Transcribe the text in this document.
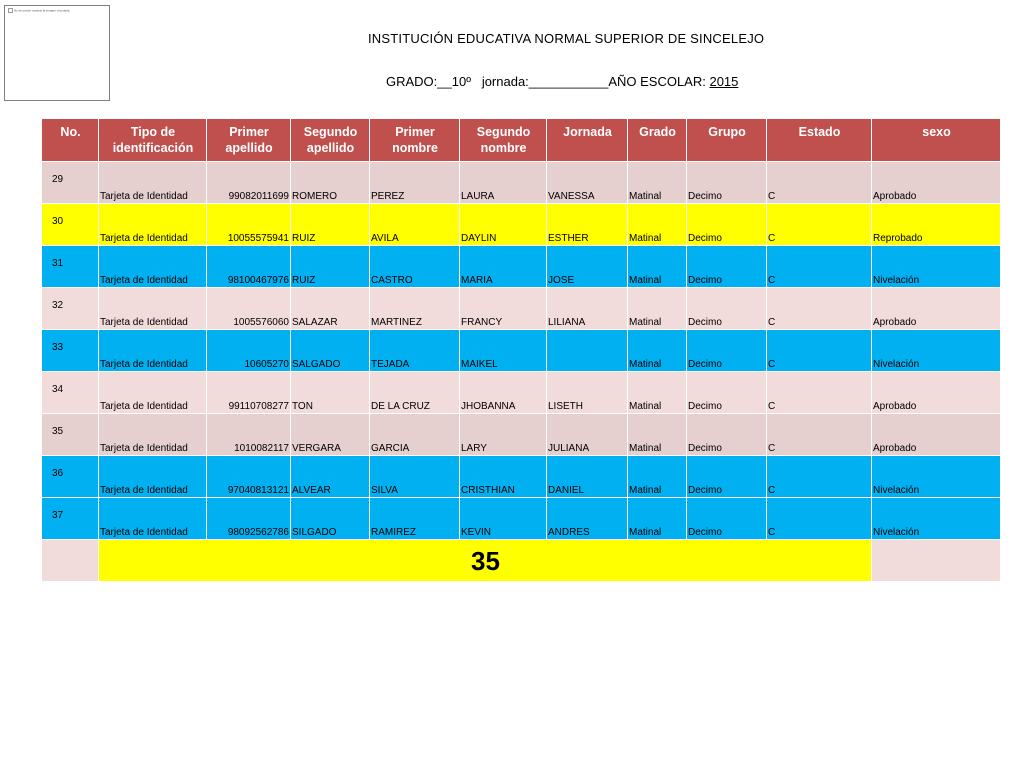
No se puede mostrar la imagen vinculada.
INSTITUCIÓN EDUCATIVA NORMAL SUPERIOR DE SINCELEJO
GRADO:__10º jornada:___________AÑO ESCOLAR: 2015
No.	Tipo de identificación	Primer apellido	Segundo apellido	Primer nombre	Segundo nombre	Jornada	Grado	Grupo	Estado	sexo
29	Tarjeta de Identidad	99082011699	ROMERO	PEREZ	LAURA	VANESSA	Matinal	Decimo	C	Aprobado
30	Tarjeta de Identidad	10055575941	RUIZ	AVILA	DAYLIN	ESTHER	Matinal	Decimo	C	Reprobado
31	Tarjeta de Identidad	98100467976	RUIZ	CASTRO	MARIA	JOSE	Matinal	Decimo	C	Nivelación
32	Tarjeta de Identidad	1005576060	SALAZAR	MARTINEZ	FRANCY	LILIANA	Matinal	Decimo	C	Aprobado
33	Tarjeta de Identidad	10605270	SALGADO	TEJADA	MAIKEL		Matinal	Decimo	C	Nivelación
34	Tarjeta de Identidad	99110708277	TON	DE LA CRUZ	JHOBANNA	LISETH	Matinal	Decimo	C	Aprobado
35	Tarjeta de Identidad	1010082117	VERGARA	GARCIA	LARY	JULIANA	Matinal	Decimo	C	Aprobado
36	Tarjeta de Identidad	97040813121	ALVEAR	SILVA	CRISTHIAN	DANIEL	Matinal	Decimo	C	Nivelación
37	Tarjeta de Identidad	98092562786	SILGADO	RAMIREZ	KEVIN	ANDRES	Matinal	Decimo	C	Nivelación
	35									
